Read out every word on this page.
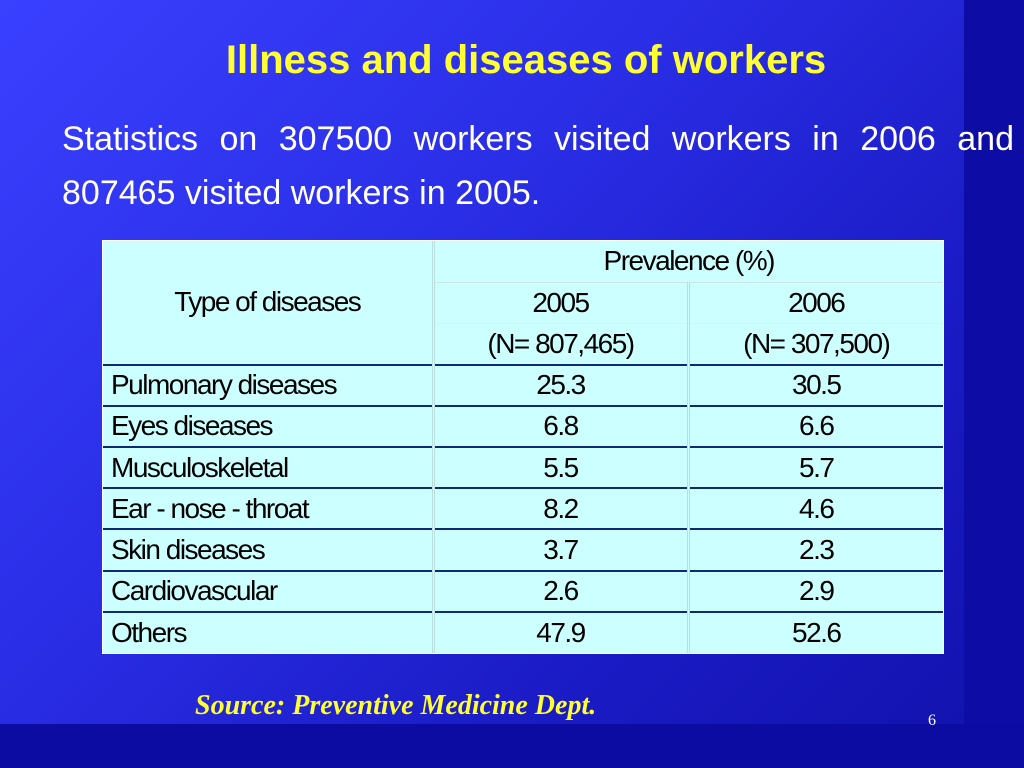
Illness and diseases of workers
Statistics on 307500 workers visited workers in 2006 and 807465 visited workers in 2005.
Type of diseases	Prevalence (%)	
	2005	2006
	(N= 807,465)	(N= 307,500)
Pulmonary diseases	25.3	30.5
Eyes diseases	6.8	6.6
Musculoskeletal	5.5	5.7
Ear - nose - throat	8.2	4.6
Skin diseases	3.7	2.3
Cardiovascular	2.6	2.9
Others	47.9	52.6
Source: Preventive Medicine Dept.	6
